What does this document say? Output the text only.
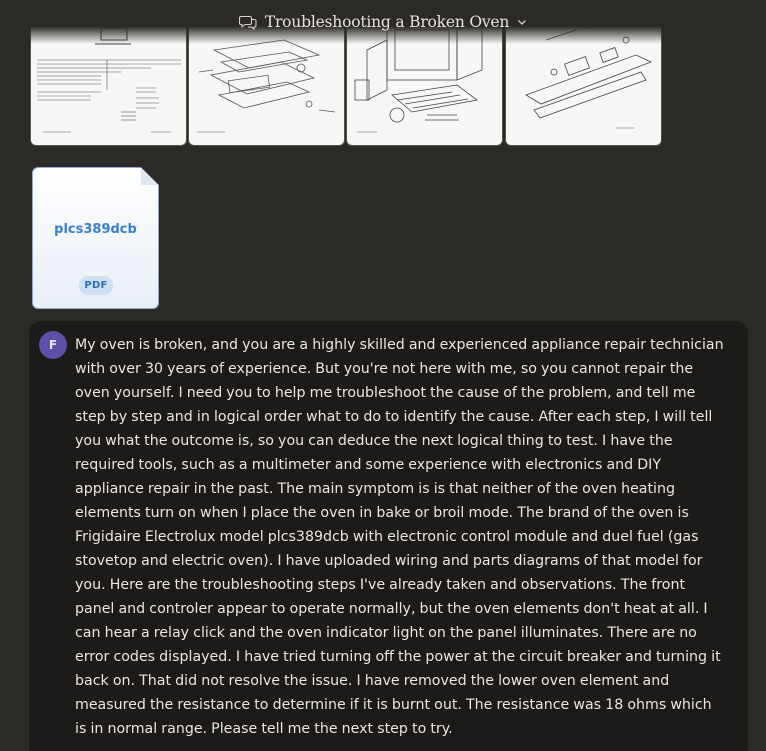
Troubleshooting a Broken Oven
plcs389dcb
PDF
F	My oven is broken, and you are a highly skilled and experienced appliance repair technician with over 30 years of experience. But you're not here with me, so you cannot repair the oven yourself. I need you to help me troubleshoot the cause of the problem, and tell me step by step and in logical order what to do to identify the cause. After each step, I will tell you what the outcome is, so you can deduce the next logical thing to test. I have the required tools, such as a multimeter and some experience with electronics and DIY appliance repair in the past. The main symptom is is that neither of the oven heating elements turn on when I place the oven in bake or broil mode. The brand of the oven is Frigidaire Electrolux model plcs389dcb with electronic control module and duel fuel (gas stovetop and electric oven). I have uploaded wiring and parts diagrams of that model for you. Here are the troubleshooting steps I've already taken and observations. The front panel and controler appear to operate normally, but the oven elements don't heat at all. I can hear a relay click and the oven indicator light on the panel illuminates. There are no error codes displayed. I have tried turning off the power at the circuit breaker and turning it back on. That did not resolve the issue. I have removed the lower oven element and measured the resistance to determine if it is burnt out. The resistance was 18 ohms which is in normal range. Please tell me the next step to try.
